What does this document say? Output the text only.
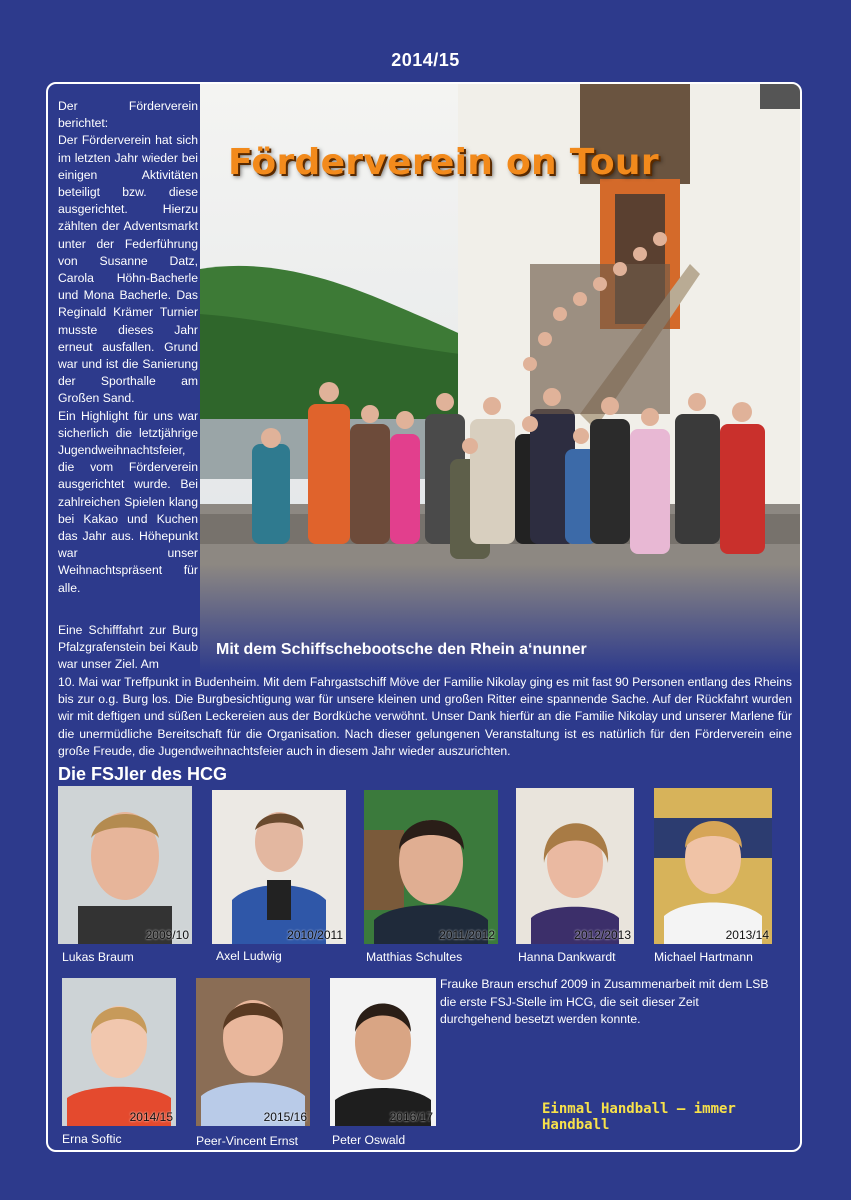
2014/15
Förderverein on Tour
Mit dem Schiffscheboot​sche den Rhein a‘nunner

Der Förderverein berichtet:

Der Förderverein hat sich im letzten Jahr wieder bei einigen Aktivitäten beteiligt bzw. diese ausgerichtet. Hierzu zählten der Adventsmarkt unter der Federführung von Susanne Datz, Carola Höhn-Bacherle und Mona Bacherle. Das Reginald Krämer Turnier musste dieses Jahr erneut ausfallen. Grund war und ist die Sanierung der Sporthalle am Großen Sand.

Ein Highlight für uns war sicherlich die letztjährige Jugendweihnachtsfeier, die vom Förderverein ausgerichtet wurde. Bei zahlreichen Spielen klang bei Kakao und Kuchen das Jahr aus. Höhepunkt war unser Weihnachtspräsent für alle.

Eine Schifffahrt zur Burg Pfalzgrafenstein bei Kaub war unser Ziel. Am
10. Mai war Treffpunkt in Budenheim. Mit dem Fahrgastschiff Möve der Familie Nikolay ging es mit fast 90 Personen entlang des Rheins bis zur o.g. Burg los. Die Burgbesichtigung war für unsere kleinen und großen Ritter eine spannende Sache. Auf der Rückfahrt wurden wir mit deftigen und süßen Leckereien aus der Bordküche verwöhnt. Unser Dank hierfür an die Familie Nikolay und unserer Marlene für die unermüdliche Bereitschaft für die Organisation. Nach dieser gelungenen Veranstaltung ist es natürlich für den Förderverein eine große Freude, die Jugendweihnachtsfeier auch in diesem Jahr wieder auszurichten.
Die FSJler des HCG
2009/10	2010/2011	2011/2012	2012/2013	2013/14
Lukas Braum	Axel Ludwig	Matthias Schultes	Hanna Dankwardt	Michael Hartmann
2014/15	2015/16	2016/17
Erna Softic	Peer-Vincent Ernst	Peter Oswald
Frauke Braun erschuf 2009 in Zusammenarbeit mit dem LSB die erste FSJ-Stelle im HCG, die seit dieser Zeit durchgehend besetzt werden konnte.
Einmal Handball – immer Handball
